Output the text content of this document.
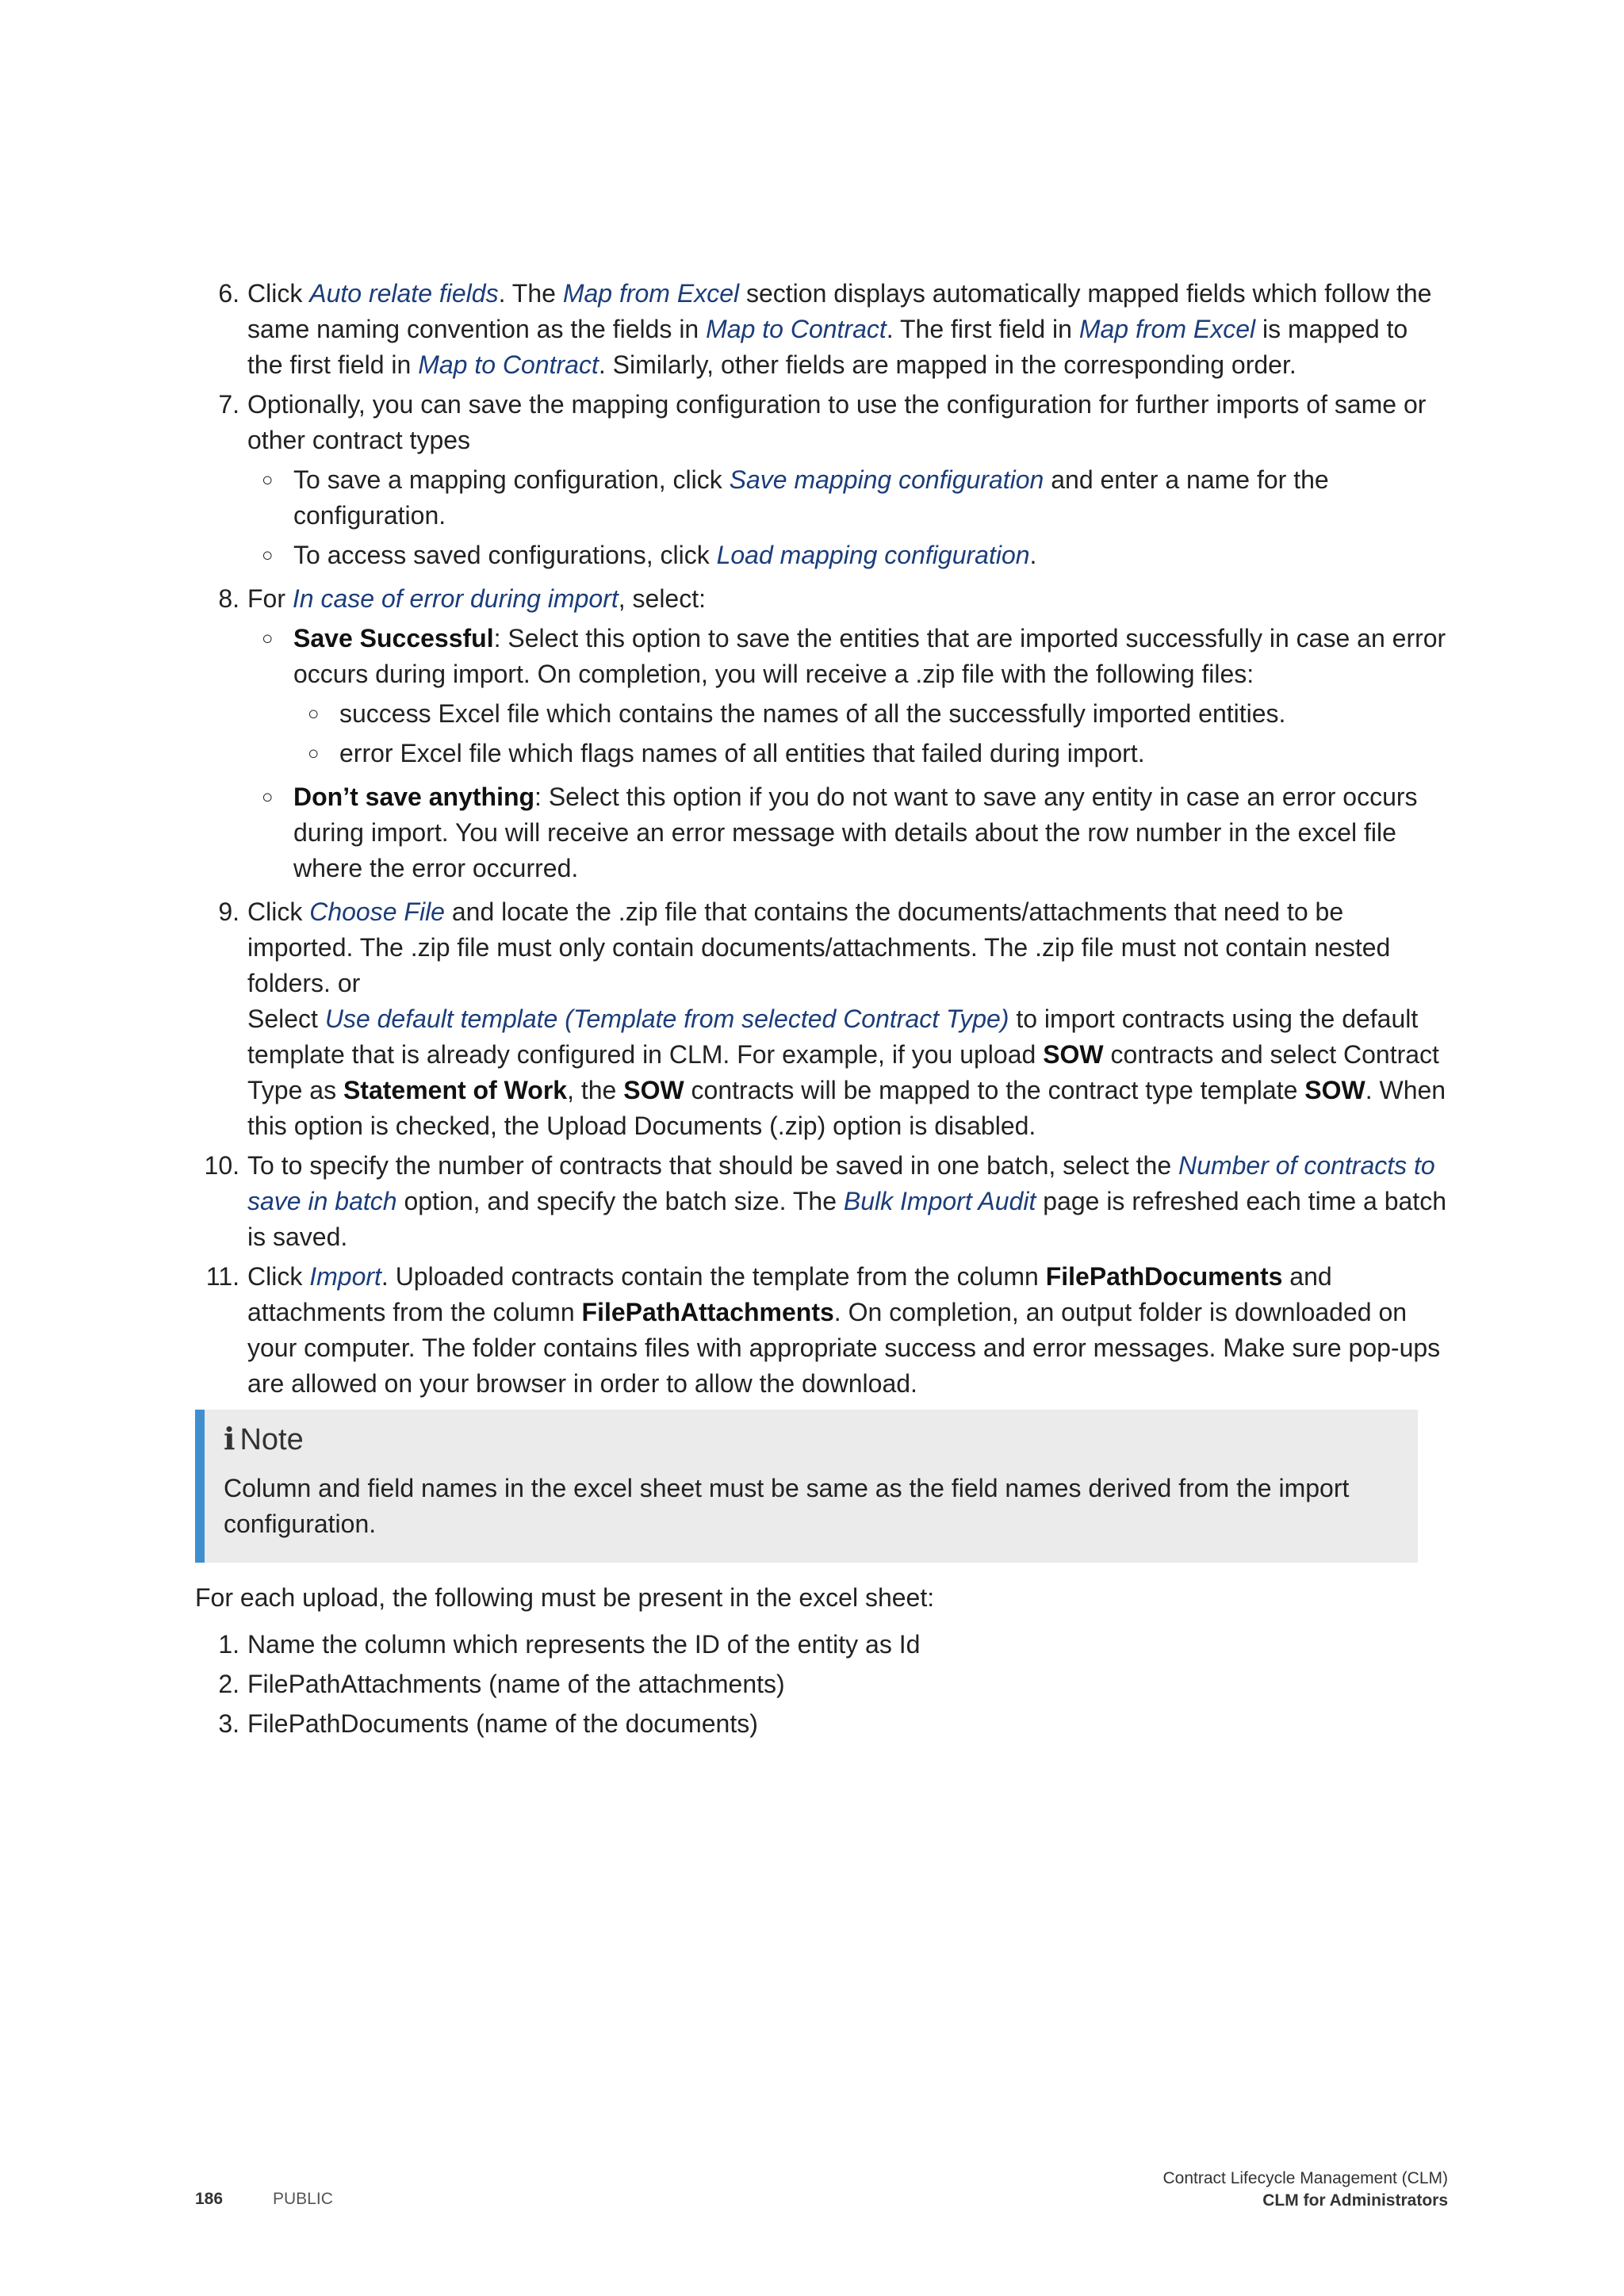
6. Click Auto relate fields. The Map from Excel section displays automatically mapped fields which follow the same naming convention as the fields in Map to Contract. The first field in Map from Excel is mapped to the first field in Map to Contract. Similarly, other fields are mapped in the corresponding order.
7. Optionally, you can save the mapping configuration to use the configuration for further imports of same or other contract types
○ To save a mapping configuration, click Save mapping configuration and enter a name for the configuration.
○ To access saved configurations, click Load mapping configuration.
8. For In case of error during import, select:
○ Save Successful: Select this option to save the entities that are imported successfully in case an error occurs during import. On completion, you will receive a .zip file with the following files:
○ success Excel file which contains the names of all the successfully imported entities.
○ error Excel file which flags names of all entities that failed during import.
○ Don’t save anything: Select this option if you do not want to save any entity in case an error occurs during import. You will receive an error message with details about the row number in the excel file where the error occurred.
9. Click Choose File and locate the .zip file that contains the documents/attachments that need to be imported. The .zip file must only contain documents/attachments. The .zip file must not contain nested folders. or
Select Use default template (Template from selected Contract Type) to import contracts using the default template that is already configured in CLM. For example, if you upload SOW contracts and select Contract Type as Statement of Work, the SOW contracts will be mapped to the contract type template SOW. When this option is checked, the Upload Documents (.zip) option is disabled.
10. To to specify the number of contracts that should be saved in one batch, select the Number of contracts to save in batch option, and specify the batch size. The Bulk Import Audit page is refreshed each time a batch is saved.
11. Click Import. Uploaded contracts contain the template from the column FilePathDocuments and attachments from the column FilePathAttachments. On completion, an output folder is downloaded on your computer. The folder contains files with appropriate success and error messages. Make sure pop-ups are allowed on your browser in order to allow the download.
i Note
Column and field names in the excel sheet must be same as the field names derived from the import configuration.
For each upload, the following must be present in the excel sheet:
1. Name the column which represents the ID of the entity as Id
2. FilePathAttachments (name of the attachments)
3. FilePathDocuments (name of the documents)
186	PUBLIC
Contract Lifecycle Management (CLM)
CLM for Administrators
